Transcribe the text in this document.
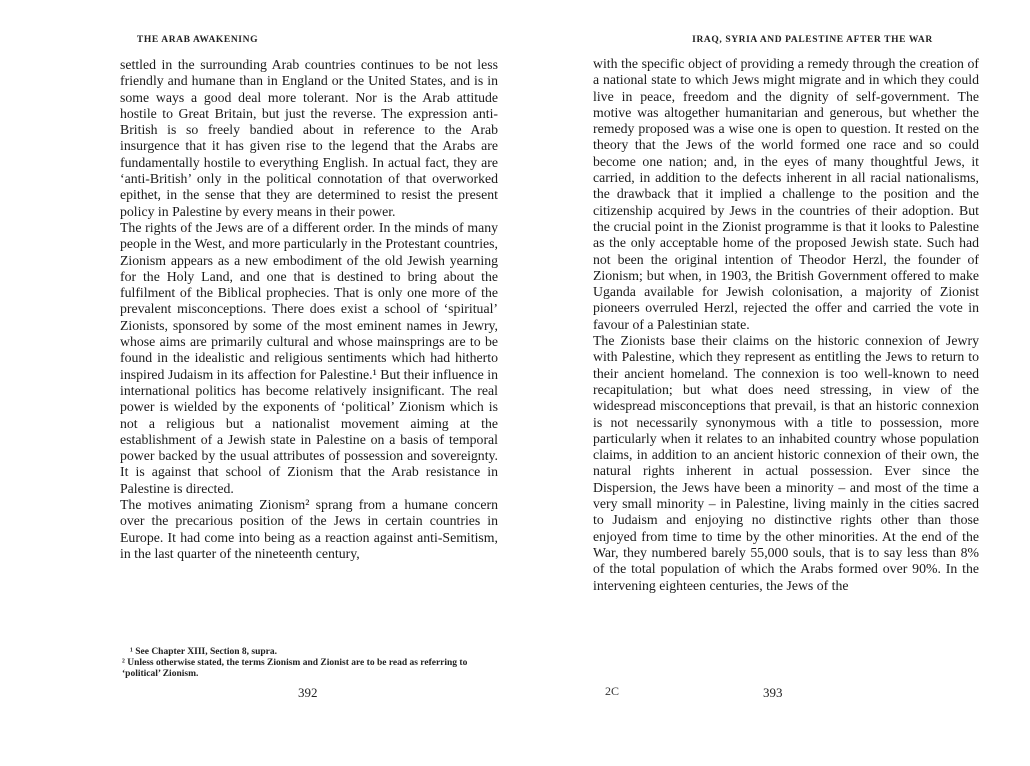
THE ARAB AWAKENING

settled in the surrounding Arab countries continues to be not less friendly and humane than in England or the United States, and is in some ways a good deal more tolerant. Nor is the Arab attitude hostile to Great Britain, but just the reverse. The expression anti-British is so freely bandied about in reference to the Arab insurgence that it has given rise to the legend that the Arabs are fundamentally hostile to everything English. In actual fact, they are ‘anti-British’ only in the political connotation of that overworked epithet, in the sense that they are determined to resist the present policy in Palestine by every means in their power.

The rights of the Jews are of a different order. In the minds of many people in the West, and more particularly in the Protestant countries, Zionism appears as a new embodiment of the old Jewish yearning for the Holy Land, and one that is destined to bring about the fulfilment of the Biblical prophecies. That is only one more of the prevalent misconceptions. There does exist a school of ‘spiritual’ Zionists, sponsored by some of the most eminent names in Jewry, whose aims are primarily cultural and whose mainsprings are to be found in the idealistic and religious sentiments which had hitherto inspired Judaism in its affection for Palestine.¹ But their influence in international politics has become relatively insignificant. The real power is wielded by the exponents of ‘political’ Zionism which is not a religious but a nationalist movement aiming at the establishment of a Jewish state in Palestine on a basis of temporal power backed by the usual attributes of possession and sovereignty. It is against that school of Zionism that the Arab resistance in Palestine is directed.

The motives animating Zionism² sprang from a humane concern over the precarious position of the Jews in certain countries in Europe. It had come into being as a reaction against anti-Semitism, in the last quarter of the nineteenth century,

¹ See Chapter XIII, Section 8, supra.

² Unless otherwise stated, the terms Zionism and Zionist are to be read as referring to ‘political’ Zionism.

392
IRAQ, SYRIA AND PALESTINE AFTER THE WAR

with the specific object of providing a remedy through the creation of a national state to which Jews might migrate and in which they could live in peace, freedom and the dignity of self-government. The motive was altogether humanitarian and generous, but whether the remedy proposed was a wise one is open to question. It rested on the theory that the Jews of the world formed one race and so could become one nation; and, in the eyes of many thoughtful Jews, it carried, in addition to the defects inherent in all racial nationalisms, the drawback that it implied a challenge to the position and the citizenship acquired by Jews in the countries of their adoption. But the crucial point in the Zionist programme is that it looks to Palestine as the only acceptable home of the proposed Jewish state. Such had not been the original intention of Theodor Herzl, the founder of Zionism; but when, in 1903, the British Government offered to make Uganda available for Jewish colonisation, a majority of Zionist pioneers overruled Herzl, rejected the offer and carried the vote in favour of a Palestinian state.

The Zionists base their claims on the historic connexion of Jewry with Palestine, which they represent as entitling the Jews to return to their ancient homeland. The connexion is too well-known to need recapitulation; but what does need stressing, in view of the widespread misconceptions that prevail, is that an historic connexion is not necessarily synonymous with a title to possession, more particularly when it relates to an inhabited country whose population claims, in addition to an ancient historic connexion of their own, the natural rights inherent in actual possession. Ever since the Dispersion, the Jews have been a minority – and most of the time a very small minority – in Palestine, living mainly in the cities sacred to Judaism and enjoying no distinctive rights other than those enjoyed from time to time by the other minorities. At the end of the War, they numbered barely 55,000 souls, that is to say less than 8% of the total population of which the Arabs formed over 90%. In the intervening eighteen centuries, the Jews of the

2C	393
